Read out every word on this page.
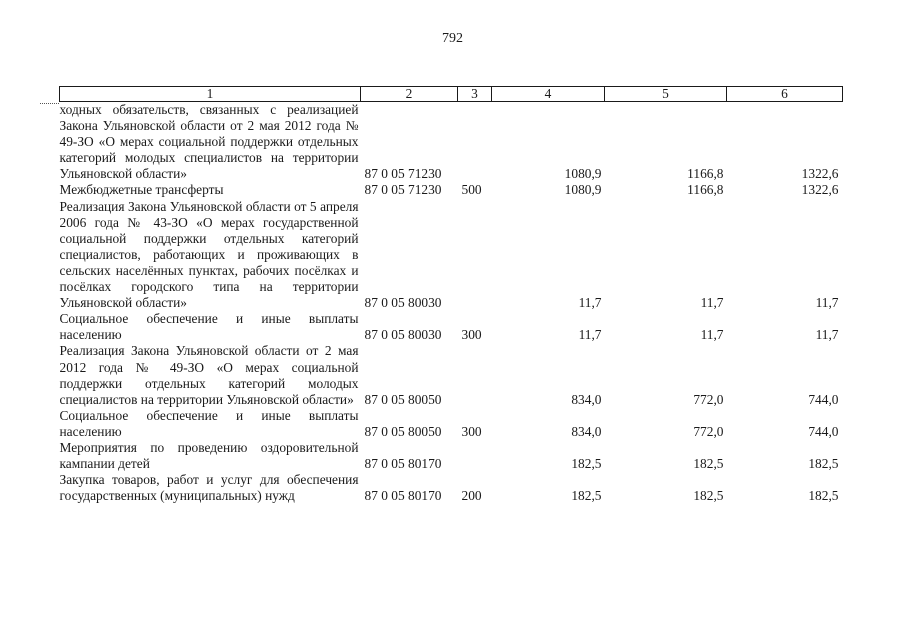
792
1	2	3	4	5	6
ходных обязательств, связанных с реализацией Закона Ульяновской области от 2 мая 2012 года № 49-ЗО «О мерах социальной поддержки отдельных категорий молодых специалистов на территории Ульяновской области»	87 0 05 71230		1080,9	1166,8	1322,6
Межбюджетные трансферты	87 0 05 71230	500	1080,9	1166,8	1322,6
Реализация Закона Ульяновской области от 5 апреля 2006 года № 43-ЗО «О мерах государственной социальной поддержки отдельных категорий специалистов, работающих и проживающих в сельских населённых пунктах, рабочих посёлках и посёлках городского типа на территории Ульяновской области»	87 0 05 80030		11,7	11,7	11,7
Социальное обеспечение и иные выплаты населению	87 0 05 80030	300	11,7	11,7	11,7
Реализация Закона Ульяновской области от 2 мая 2012 года № 49-ЗО «О мерах социальной поддержки отдельных категорий молодых специалистов на территории Ульяновской области»	87 0 05 80050		834,0	772,0	744,0
Социальное обеспечение и иные выплаты населению	87 0 05 80050	300	834,0	772,0	744,0
Мероприятия по проведению оздоровительной кампании детей	87 0 05 80170		182,5	182,5	182,5
Закупка товаров, работ и услуг для обеспечения государственных (муниципальных) нужд	87 0 05 80170	200	182,5	182,5	182,5
